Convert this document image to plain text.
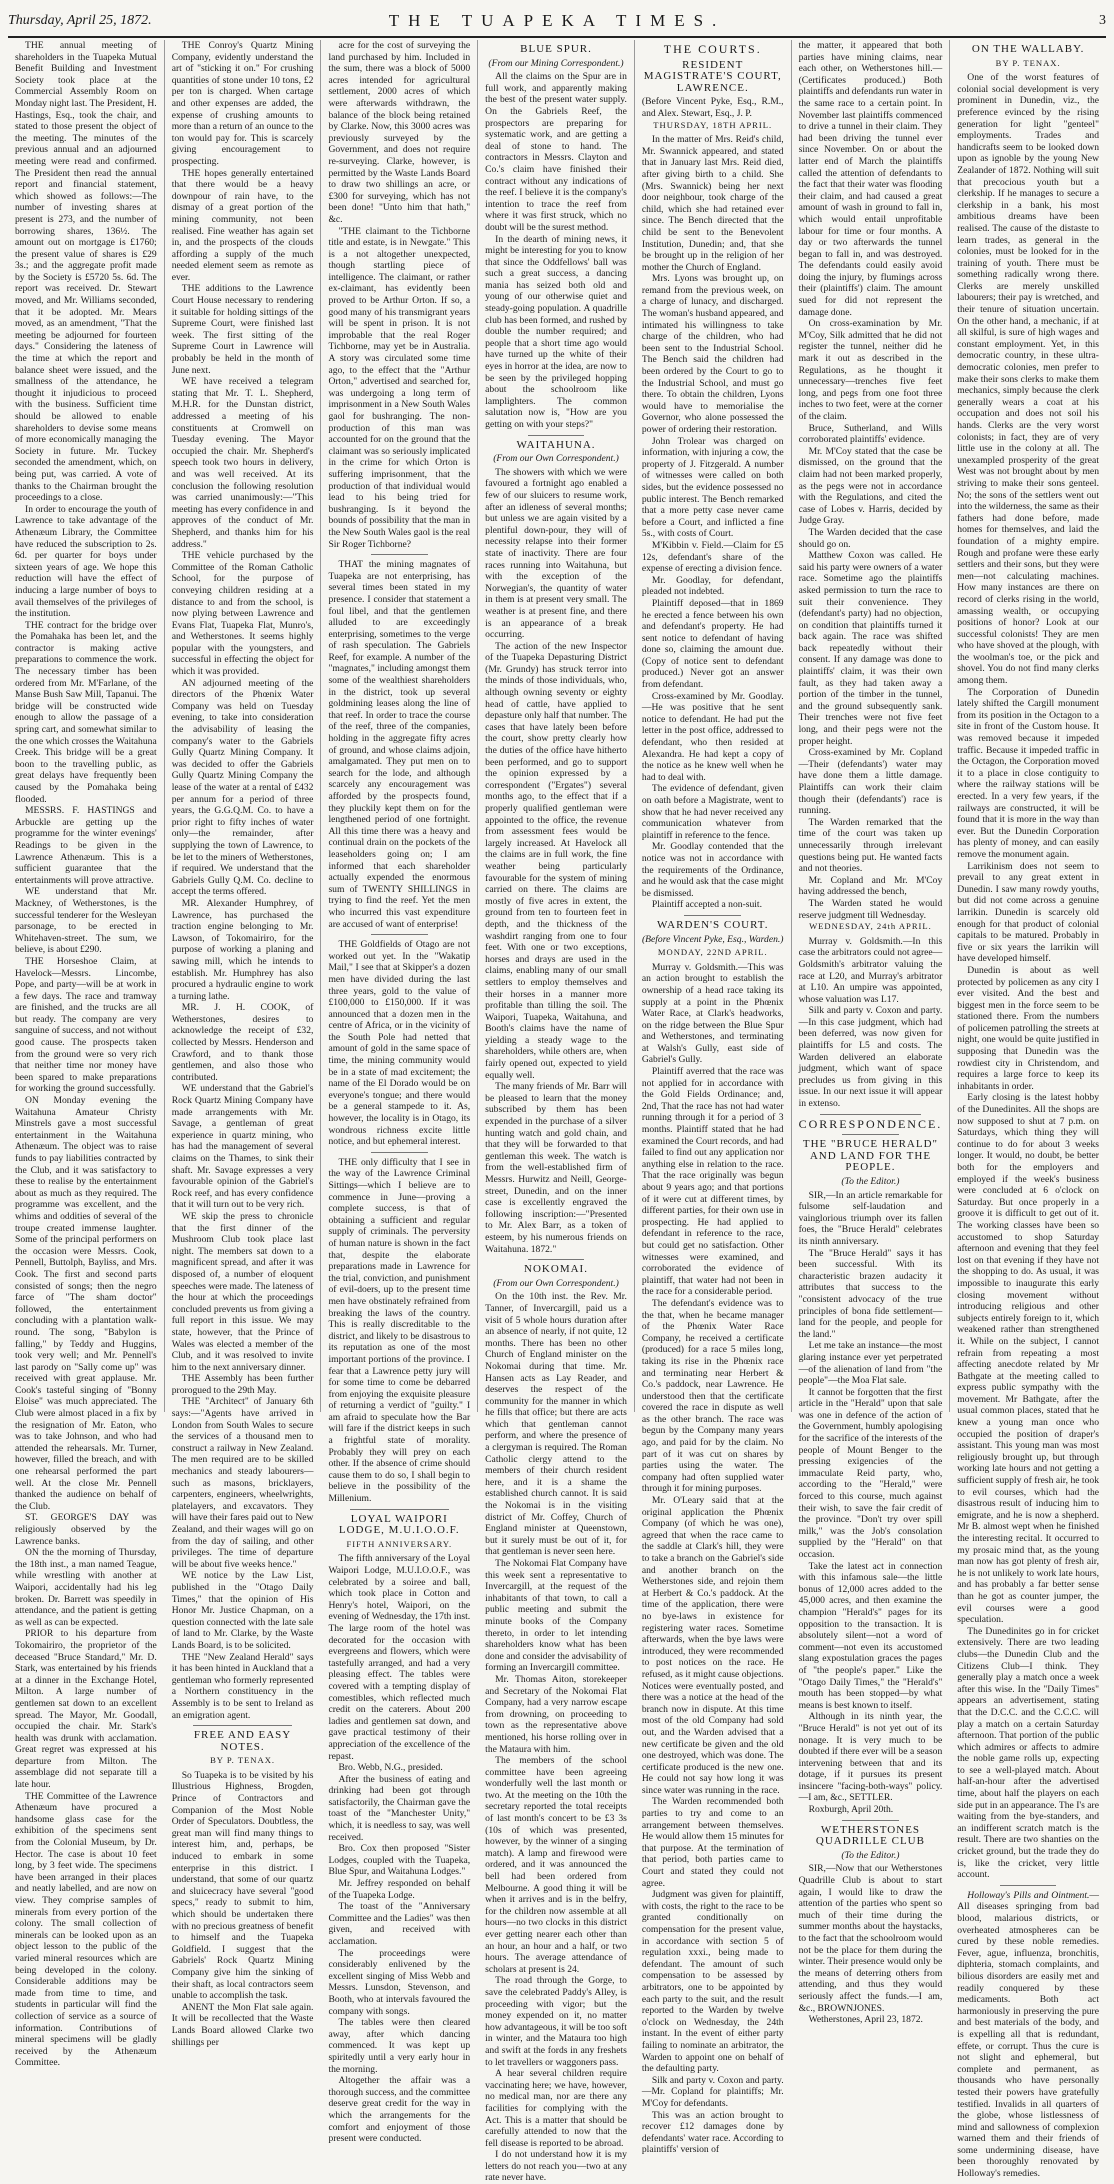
Thursday, April 25, 1872.	THE TUAPEKA TIMES.	3

THE annual meeting of shareholders in the Tuapeka Mutual Benefit Building and Investment Society took place at the Commercial Assembly Room on Monday night last. The President, H. Hastings, Esq., took the chair, and stated to those present the object of the meeting. The minutes of the previous annual and an adjourned meeting were read and confirmed. The President then read the annual report and financial statement, which showed as follows:—The number of investing shares at present is 273, and the number of borrowing shares, 136½. The amount out on mortgage is £1760; the present value of shares is £29 3s.; and the aggregate profit made by the Society is £5720 5s. 6d. The report was received. Dr. Stewart moved, and Mr. Williams seconded, that it be adopted. Mr. Mears moved, as an amendment, "That the meeting be adjourned for fourteen days." Considering the lateness of the time at which the report and balance sheet were issued, and the smallness of the attendance, he thought it injudicious to proceed with the business. Sufficient time should be allowed to enable shareholders to devise some means of more economically managing the Society in future. Mr. Tuckey seconded the amendment, which, on being put, was carried. A vote of thanks to the Chairman brought the proceedings to a close.

In order to encourage the youth of Lawrence to take advantage of the Athenæum Library, the Committee have reduced the subscription to 2s. 6d. per quarter for boys under sixteen years of age. We hope this reduction will have the effect of inducing a large number of boys to avail themselves of the privileges of the institution.

THE contract for the bridge over the Pomahaka has been let, and the contractor is making active preparations to commence the work. The necessary timber has been ordered from Mr. M'Farlane, of the Manse Bush Saw Mill, Tapanui. The bridge will be constructed wide enough to allow the passage of a spring cart, and somewhat similar to the one which crosses the Waitahuna Creek. This bridge will be a great boon to the travelling public, as great delays have frequently been caused by the Pomahaka being flooded.

MESSRS. F. HASTINGS and Arbuckle are getting up the programme for the winter evenings' Readings to be given in the Lawrence Athenæum. This is a sufficient guarantee that the entertainments will prove attractive.

WE understand that Mr. Mackney, of Wetherstones, is the successful tenderer for the Wesleyan parsonage, to be erected in Whitehaven-street. The sum, we believe, is about £290.

THE Horseshoe Claim, at Havelock—Messrs. Lincombe, Pope, and party—will be at work in a few days. The race and tramway are finished, and the trucks are all but ready. The company are very sanguine of success, and not without good cause. The prospects taken from the ground were so very rich that neither time nor money have been spared to make preparations for working the ground successfully.

ON Monday evening the Waitahuna Amateur Christy Minstrels gave a most successful entertainment in the Waitahuna Athenæum. The object was to raise funds to pay liabilities contracted by the Club, and it was satisfactory to these to realise by the entertainment about as much as they required. The programme was excellent, and the whims and oddities of several of the troupe created immense laughter. Some of the principal performers on the occasion were Messrs. Cook, Pennell, Buttolph, Bayliss, and Mrs. Cook. The first and second parts consisted of songs; then the negro farce of "The sham doctor" followed, the entertainment concluding with a plantation walk-round. The song, "Babylon is falling," by Teddy and Huggins, took very well; and Mr. Pennell's last parody on "Sally come up" was received with great applause. Mr. Cook's tasteful singing of "Bonny Eloise" was much appreciated. The Club were almost placed in a fix by the resignation of Mr. Eaton, who was to take Johnson, and who had attended the rehearsals. Mr. Turner, however, filled the breach, and with one rehearsal performed the part well. At the close Mr. Pennell thanked the audience on behalf of the Club.

ST. GEORGE'S DAY was religiously observed by the Lawrence banks.

ON the the morning of Thursday, the 18th inst., a man named Teague, while wrestling with another at Waipori, accidentally had his leg broken. Dr. Barrett was speedily in attendance, and the patient is getting as well as can be expected.

PRIOR to his departure from Tokomairiro, the proprietor of the deceased "Bruce Standard," Mr. D. Stark, was entertained by his friends at a dinner in the Exchange Hotel, Milton. A large number of gentlemen sat down to an excellent spread. The Mayor, Mr. Goodall, occupied the chair. Mr. Stark's health was drunk with acclamation. Great regret was expressed at his departure from Milton. The assemblage did not separate till a late hour.

THE Committee of the Lawrence Athenæum have procured a handsome glass case for the exhibition of the specimens sent from the Colonial Museum, by Dr. Hector. The case is about 10 feet long, by 3 feet wide. The specimens have been arranged in their places and neatly labelled, and are now on view. They comprise samples of minerals from every portion of the colony. The small collection of minerals can be looked upon as an object lesson to the public of the varied mineral resources which are being developed in the colony. Considerable additions may be made from time to time, and students in particular will find the collection of service as a source of information. Contributions of mineral specimens will be gladly received by the Athenæum Committee.

THE Conroy's Quartz Mining Company, evidently understand the art of "sticking it on." For crushing quantities of stone under 10 tons, £2 per ton is charged. When cartage and other expenses are added, the expense of crushing amounts to more than a return of an ounce to the ton would pay for. This is scarcely giving encouragement to prospecting.

THE hopes generally entertained that there would be a heavy downpour of rain have, to the dismay of a great portion of the mining community, not been realised. Fine weather has again set in, and the prospects of the clouds affording a supply of the much needed element seem as remote as ever.

THE additions to the Lawrence Court House necessary to rendering it suitable for holding sittings of the Supreme Court, were finished last week. The first sitting of the Supreme Court in Lawrence will probably be held in the month of June next.

WE have received a telegram stating that Mr. T. L. Shepherd, M.H.R. for the Dunstan district, addressed a meeting of his constituents at Cromwell on Tuesday evening. The Mayor occupied the chair. Mr. Shepherd's speech took two hours in delivery, and was well received. At its conclusion the following resolution was carried unanimously:—"This meeting has every confidence in and approves of the conduct of Mr. Shepherd, and thanks him for his address."

THE vehicle purchased by the Committee of the Roman Catholic School, for the purpose of conveying children residing at a distance to and from the school, is now plying between Lawrence and Evans Flat, Tuapeka Flat, Munro's, and Wetherstones. It seems highly popular with the youngsters, and successful in effecting the object for which it was provided.

AN adjourned meeting of the directors of the Phœnix Water Company was held on Tuesday evening, to take into consideration the advisability of leasing the company's water to the Gabriels Gully Quartz Mining Company. It was decided to offer the Gabriels Gully Quartz Mining Company the lease of the water at a rental of £432 per annum for a period of three years, the G.G.Q.M. Co. to have a prior right to fifty inches of water only—the remainder, after supplying the town of Lawrence, to be let to the miners of Wetherstones, if required. We understand that the Gabriels Gully Q.M. Co. decline to accept the terms offered.

MR. Alexander Humphrey, of Lawrence, has purchased the traction engine belonging to Mr. Lawson, of Tokomairiro, for the purpose of working a planing and sawing mill, which he intends to establish. Mr. Humphrey has also procured a hydraulic engine to work a turning lathe.

MR. J. H. COOK, of Wetherstones, desires to acknowledge the receipt of £32, collected by Messrs. Henderson and Crawford, and to thank those gentlemen, and also those who contributed.

WE understand that the Gabriel's Rock Quartz Mining Company have made arrangements with Mr. Savage, a gentleman of great experience in quartz mining, who has had the management of several claims on the Thames, to sink their shaft. Mr. Savage expresses a very favourable opinion of the Gabriel's Rock reef, and has every confidence that it will turn out to be very rich.

WE skip the press to chronicle that the first dinner of the Mushroom Club took place last night. The members sat down to a magnificent spread, and after it was disposed of, a number of eloquent speeches were made. The lateness of the hour at which the proceedings concluded prevents us from giving a full report in this issue. We may state, however, that the Prince of Wales was elected a member of the Club, and it was resolved to invite him to the next anniversary dinner.

THE Assembly has been further prorogued to the 29th May.

THE "Architect" of January 6th says:—"Agents have arrived in London from South Wales to secure the services of a thousand men to construct a railway in New Zealand. The men required are to be skilled mechanics and steady labourers—such as masons, bricklayers, carpenters, engineers, wheelwrights, platelayers, and excavators. They will have their fares paid out to New Zealand, and their wages will go on from the day of sailing, and other privileges. The time of departure will be about five weeks hence."

WE notice by the Law List, published in the "Otago Daily Times," that the opinion of His Honor Mr. Justice Chapman, on a question connected with the late sale of land to Mr. Clarke, by the Waste Lands Board, is to be solicited.

THE "New Zealand Herald" says it has been hinted in Auckland that a gentleman who formerly represented a Northern constituency in the Assembly is to be sent to Ireland as an emigration agent.

FREE AND EASY NOTES.
BY P. TENAX.

So Tuapeka is to be visited by his Illustrious Highness, Brogden, Prince of Contractors and Companion of the Most Noble Order of Speculators. Doubtless, the great man will find many things to interest him, and, perhaps, be induced to embark in some enterprise in this district. I understand, that some of our quartz and sluicecracy have several "good specs," ready to submit to him, which should be undertaken there with no precious greatness of benefit to himself and the Tuapeka Goldfield. I suggest that the Gabriels' Rock Quartz Mining Company give him the sinking of their shaft, as local contractors seem unable to accomplish the task.

ANENT the Mon Flat sale again. It will be recollected that the Waste Lands Board allowed Clarke two shillings per

acre for the cost of surveying the land purchased by him. Included in the sum, there was a block of 5000 acres intended for agricultural settlement, 2000 acres of which were afterwards withdrawn, the balance of the block being retained by Clarke. Now, this 3000 acres was previously surveyed by the Government, and does not require re-surveying. Clarke, however, is permitted by the Waste Lands Board to draw two shillings an acre, or £300 for surveying, which has not been done! "Unto him that hath," &c.

"THE claimant to the Tichborne title and estate, is in Newgate." This is a not altogether unexpected, though startling piece of intelligence. The claimant, or rather ex-claimant, has evidently been proved to be Arthur Orton. If so, a good many of his transmigrant years will be spent in prison. It is not improbable that the real Roger Tichborne, may yet be in Australia. A story was circulated some time ago, to the effect that the "Arthur Orton," advertised and searched for, was undergoing a long term of imprisonment in a New South Wales gaol for bushranging. The non-production of this man was accounted for on the ground that the claimant was so seriously implicated in the crime for which Orton is suffering imprisonment, that the production of that individual would lead to his being tried for bushranging. Is it beyond the bounds of possibility that the man in the New South Wales gaol is the real Sir Roger Tichborne?

THAT the mining magnates of Tuapeka are not enterprising, has several times been stated in my presence. I consider that statement a foul libel, and that the gentlemen alluded to are exceedingly enterprising, sometimes to the verge of rash speculation. The Gabriels Reef, for example. A number of the "magnates," including amongst them some of the wealthiest shareholders in the district, took up several goldmining leases along the line of that reef. In order to trace the course of the reef, three of the companies, holding in the aggregate fifty acres of ground, and whose claims adjoin, amalgamated. They put men on to search for the lode, and although scarcely any encouragement was afforded by the prospects found, they pluckily kept them on for the lengthened period of one fortnight. All this time there was a heavy and continual drain on the pockets of the leaseholders going on; I am informed that each shareholder actually expended the enormous sum of TWENTY SHILLINGS in trying to find the reef. Yet the men who incurred this vast expenditure are accused of want of enterprise!

THE Goldfields of Otago are not worked out yet. In the "Wakatip Mail," I see that at Skipper's a dozen men have divided during the last three years, gold to the value of £100,000 to £150,000. If it was announced that a dozen men in the centre of Africa, or in the vicinity of the South Pole had netted that amount of gold in the same space of time, the mining community would be in a state of mad excitement; the name of the El Dorado would be on everyone's tongue; and there would be a general stampede to it. As, however, the locality is in Otago, its wondrous richness excite little notice, and but ephemeral interest.

THE only difficulty that I see in the way of the Lawrence Criminal Sittings—which I believe are to commence in June—proving a complete success, is that of obtaining a sufficient and regular supply of criminals. The perversity of human nature is shown in the fact that, despite the elaborate preparations made in Lawrence for the trial, conviction, and punishment of evil-doers, up to the present time men have obstinately refrained from breaking the laws of the country. This is really discreditable to the district, and likely to be disastrous to its reputation as one of the most important portions of the province. I fear that a Lawrence petty jury will for some time to come be debarred from enjoying the exquisite pleasure of returning a verdict of "guilty." I am afraid to speculate how the Bar will fare if the district keeps in such a frightful state of morality. Probably they will prey on each other. If the absence of crime should cause them to do so, I shall begin to believe in the possibility of the Millenium.

LOYAL WAIPORI LODGE, M.U.I.O.O.F.
FIFTH ANNIVERSARY.

The fifth anniversary of the Loyal Waipori Lodge, M.U.I.O.O.F., was celebrated by a soiree and ball, which took place in Cotton and Henry's hotel, Waipori, on the evening of Wednesday, the 17th inst. The large room of the hotel was decorated for the occasion with evergreens and flowers, which were tastefully arranged, and had a very pleasing effect. The tables were covered with a tempting display of comestibles, which reflected much credit on the caterers. About 200 ladies and gentlemen sat down, and gave practical testimony of their appreciation of the excellence of the repast.

Bro. Webb, N.G., presided.

After the business of eating and drinking had been got through satisfactorily, the Chairman gave the toast of the "Manchester Unity," which, it is needless to say, was well received.

Bro. Cox then proposed "Sister Lodges, coupled with the Tuapeka, Blue Spur, and Waitahuna Lodges."

Mr. Jeffrey responded on behalf of the Tuapeka Lodge.

The toast of the "Anniversary Committee and the Ladies" was then given, and received with acclamation.

The proceedings were considerably enlivened by the excellent singing of Miss Webb and Messrs. Lunsdon, Stevenson, and Booth, who at intervals favoured the company with songs.

The tables were then cleared away, after which dancing commenced. It was kept up spiritedly until a very early hour in the morning.

Altogether the affair was a thorough success, and the committee deserve great credit for the way in which the arrangements for the comfort and enjoyment of those present were conducted.

BLUE SPUR.
(From our Mining Correspondent.)

All the claims on the Spur are in full work, and apparently making the best of the present water supply. On the Gabriels Reef, the prospectors are preparing for systematic work, and are getting a deal of stone to hand. The contractors in Messrs. Clayton and Co.'s claim have finished their contract without any indications of the reef. I believe it is the company's intention to trace the reef from where it was first struck, which no doubt will be the surest method.

In the dearth of mining news, it might be interesting for you to know that since the Oddfellows' ball was such a great success, a dancing mania has seized both old and young of our otherwise quiet and steady-going population. A quadrille club has been formed, and rushed by double the number required; and people that a short time ago would have turned up the white of their eyes in horror at the idea, are now to be seen by the privileged hopping about the schoolroom like lamplighters. The common salutation now is, "How are you getting on with your steps?"

WAITAHUNA.
(From our Own Correspondent.)

The showers with which we were favoured a fortnight ago enabled a few of our sluicers to resume work, after an idleness of several months; but unless we are again visited by a plentiful down-pour, they will of necessity relapse into their former state of inactivity. There are four races running into Waitahuna, but with the exception of the Norwegian's, the quantity of water in them is at present very small. The weather is at present fine, and there is an appearance of a break occurring.

The action of the new Inspector of the Tuapeka Depasturing District (Mr. Grundy) has struck terror into the minds of those individuals, who, although owning seventy or eighty head of cattle, have applied to depasture only half that number. The cases that have lately been before the court, show pretty clearly how the duties of the office have hitherto been performed, and go to support the opinion expressed by a correspondent ("Ergates") several months ago, to the effect that if a properly qualified gentleman were appointed to the office, the revenue from assessment fees would be largely increased. At Havelock all the claims are in full work, the fine weather being particularly favourable for the system of mining carried on there. The claims are mostly of five acres in extent, the ground from ten to fourteen feet in depth, and the thickness of the washdirt ranging from one to four feet. With one or two exceptions, horses and drays are used in the claims, enabling many of our small settlers to employ themselves and their horses in a manner more profitable than tilling the soil. The Waipori, Tuapeka, Waitahuna, and Booth's claims have the name of yielding a steady wage to the shareholders, while others are, when fairly opened out, expected to yield equally well.

The many friends of Mr. Barr will be pleased to learn that the money subscribed by them has been expended in the purchase of a silver hunting watch and gold chain, and that they will be forwarded to that gentleman this week. The watch is from the well-established firm of Messrs. Hurwitz and Neill, George-street, Dunedin, and on the inner case is excellently engraved the following inscription:—"Presented to Mr. Alex Barr, as a token of esteem, by his numerous friends on Waitahuna. 1872."

NOKOMAI.
(From our Own Correspondent.)

On the 10th inst. the Rev. Mr. Tanner, of Invercargill, paid us a visit of 5 whole hours duration after an absence of nearly, if not quite, 12 months. There has been no other Church of England minister on the Nokomai during that time. Mr. Hansen acts as Lay Reader, and deserves the respect of the community for the manner in which he fills that office; but there are acts which that gentleman cannot perform, and where the presence of a clergyman is required. The Roman Catholic clergy attend to the members of their church resident here, and it is a shame the established church cannot. It is said the Nokomai is in the visiting district of Mr. Coffey, Church of England minister at Queenstown, but it surely must be out of it, for that gentleman is never seen here.

The Nokomai Flat Company have this week sent a representative to Invercargill, at the request of the inhabitants of that town, to call a public meeting and submit the minute books of the Company thereto, in order to let intending shareholders know what has been done and consider the advisability of forming an Invercargill committee.

Mr. Thomas Aiton, storekeeper and Secretary of the Nokomai Flat Company, had a very narrow escape from drowning, on proceeding to town as the representative above mentioned, his horse rolling over in the Mataura with him.

The members of the school committee have been agreeing wonderfully well the last month or two. At the meeting on the 10th the secretary reported the total receipts of last month's concert to be £3 3s (10s of which was presented, however, by the winner of a singing match). A lamp and firewood were ordered, and it was announced the bell had been ordered from Melbourne. A good thing it will be when it arrives and is in the belfry, for the children now assemble at all hours—no two clocks in this district ever getting nearer each other than an hour, an hour and a half, or two hours. The average attendance of scholars at present is 24.

The road through the Gorge, to save the celebrated Paddy's Alley, is proceeding with vigor; but the money expended on it, no matter how advantageous, it will be too soft in winter, and the Mataura too high and swift at the fords in any freshets to let travellers or waggoners pass.

A hear several children require vaccinating here; we have, however, no medical man, nor are there any facilities for complying with the Act. This is a matter that should be carefully attended to now that the fell disease is reported to be abroad.

I do not understand how it is my letters do not reach you—two at any rate never have.

THE COURTS.
RESIDENT MAGISTRATE'S COURT, LAWRENCE.

(Before Vincent Pyke, Esq., R.M., and Alex. Stewart, Esq., J. P.

THURSDAY, 18TH APRIL.

In the matter of Mrs. Reid's child, Mr. Swannick appeared, and stated that in January last Mrs. Reid died, after giving birth to a child. She (Mrs. Swannick) being her next door neighbour, took charge of the child, which she had retained ever since. The Bench directed that the child be sent to the Benevolent Institution, Dunedin; and, that she be brought up in the religion of her mother the Church of England.

Mrs. Lyons was brought up, on remand from the previous week, on a charge of lunacy, and discharged. The woman's husband appeared, and intimated his willingness to take charge of the children, who had been sent to the Industrial School. The Bench said the children had been ordered by the Court to go to the Industrial School, and must go there. To obtain the children, Lyons would have to memorialise the Governor, who alone possessed the power of ordering their restoration.

John Trolear was charged on information, with injuring a cow, the property of J. Fitzgerald. A number of witnesses were called on both sides, but the evidence possessed no public interest. The Bench remarked that a more petty case never came before a Court, and inflicted a fine 5s., with costs of Court.

M'Kibbin v. Field.—Claim for £5 12s, defendant's share of the expense of erecting a division fence.

Mr. Goodlay, for defendant, pleaded not indebted.

Plaintiff deposed—that in 1869 he erected a fence between his own and defendant's property. He had sent notice to defendant of having done so, claiming the amount due. (Copy of notice sent to defendant produced.) Never got an answer from defendant.

Cross-examined by Mr. Goodlay.—He was positive that he sent notice to defendant. He had put the letter in the post office, addressed to defendant, who then resided at Alexandra. He had kept a copy of the notice as he knew well when he had to deal with.

The evidence of defendant, given on oath before a Magistrate, went to show that he had never received any communication whatever from plaintiff in reference to the fence.

Mr. Goodlay contended that the notice was not in accordance with the requirements of the Ordinance, and he would ask that the case might be dismissed.

Plaintiff accepted a non-suit.

WARDEN'S COURT.
(Before Vincent Pyke, Esq., Warden.)
MONDAY, 22ND APRIL.

Murray v. Goldsmith.—This was an action brought to establish the ownership of a head race taking its supply at a point in the Phœnix Water Race, at Clark's headworks, on the ridge between the Blue Spur and Wetherstones, and terminating at Walsh's Gully, east side of Gabriel's Gully.

Plaintiff averred that the race was not applied for in accordance with the Gold Fields Ordinance; and, 2nd, That the race has not had water running through it for a period of 3 months. Plaintiff stated that he had examined the Court records, and had failed to find out any application nor anything else in relation to the race. That the race originally was begun about 9 years ago; and that portions of it were cut at different times, by different parties, for their own use in prospecting. He had applied to defendant in reference to the race, but could get no satisfaction. Other witnesses were examined, and corroborated the evidence of plaintiff, that water had not been in the race for a considerable period.

The defendant's evidence was to the that, when he became manager of the Phœnix Water Race Company, he received a certificate (produced) for a race 5 miles long, taking its rise in the Phœnix race and terminating near Herbert & Co.'s paddock, near Lawrence. He understood then that the certificate covered the race in dispute as well as the other branch. The race was begun by the Company many years ago, and paid for by the claim. No part of it was cut on shares by parties using the water. The company had often supplied water through it for mining purposes.

Mr. O'Leary said that at the original application the Phœnix Company (of which he was one), agreed that when the race came to the saddle at Clark's hill, they were to take a branch on the Gabriel's side and another branch on the Wetherstones side, and rejoin them at Herbert & Co.'s paddock. At the time of the application, there were no bye-laws in existence for registering water races. Sometime afterwards, when the bye laws were introduced, they were recommended to post notices on the race. He refused, as it might cause objections. Notices were eventually posted, and there was a notice at the head of the branch now in dispute. At this time most of the old Company had sold out, and the Warden advised that a new certificate be given and the old one destroyed, which was done. The certificate produced is the new one. He could not say how long it was since water was running in the race.

The Warden recommended both parties to try and come to an arrangement between themselves. He would allow them 15 minutes for that purpose. At the termination of that period, both parties came to Court and stated they could not agree.

Judgment was given for plaintiff, with costs, the right to the race to be granted conditionally on compensation for the present value, in accordance with section 5 of regulation xxxi., being made to defendant. The amount of such compensation to be assessed by arbitrators, one to be appointed by each party to the suit, and the result reported to the Warden by twelve o'clock on Wednesday, the 24th instant. In the event of either party failing to nominate an arbitrator, the Warden to appoint one on behalf of the defaulting party.

Silk and party v. Coxon and party.—Mr. Copland for plaintiffs; Mr. M'Coy for defendants.

This was an action brought to recover £12 damages done by defendants' water race. According to plaintiffs' version of

the matter, it appeared that both parties have mining claims, near each other, on Wetherstones hill.—(Certificates produced.) Both plaintiffs and defendants run water in the same race to a certain point. In November last plaintiffs commenced to drive a tunnel in their claim. They had been driving the tunnel ever since November. On or about the latter end of March the plaintiffs called the attention of defendants to the fact that their water was flooding their claim, and had caused a great amount of wash in ground to fall in, which would entail unprofitable labour for time or four months. A day or two afterwards the tunnel began to fall in, and was destroyed. The defendants could easily avoid doing the injury, by flumings across their (plaintiffs') claim. The amount sued for did not represent the damage done.

On cross-examination by Mr. M'Coy, Silk admitted that he did not register the tunnel, neither did he mark it out as described in the Regulations, as he thought it unnecessary—trenches five feet long, and pegs from one foot three inches to two feet, were at the corner of the claim.

Bruce, Sutherland, and Wills corroborated plaintiffs' evidence.

Mr. M'Coy stated that the case be dismissed, on the ground that the claim had not been marked properly, as the pegs were not in accordance with the Regulations, and cited the case of Lobes v. Harris, decided by Judge Gray.

The Warden decided that the case should go on.

Matthew Coxon was called. He said his party were owners of a water race. Sometime ago the plaintiffs asked permission to turn the race to suit their convenience. They (defendant's party) had no objection, on condition that plaintiffs turned it back again. The race was shifted back repeatedly without their consent. If any damage was done to plaintiffs' claim, it was their own fault, as they had taken away a portion of the timber in the tunnel, and the ground subsequently sank. Their trenches were not five feet long, and their pegs were not the proper height.

Cross-examined by Mr. Copland—Their (defendants') water may have done them a little damage. Plaintiffs can work their claim though their (defendants') race is running.

The Warden remarked that the time of the court was taken up unnecessarily through irrelevant questions being put. He wanted facts and not theories.

Mr. Copland and Mr. M'Coy having addressed the bench,

The Warden stated he would reserve judgment till Wednesday.

WEDNESDAY, 24th APRIL.

Murray v. Goldsmith.—In this case the arbitrators could not agree—Goldsmith's arbitrator valuing the race at L20, and Murray's arbitrator at L10. An umpire was appointed, whose valuation was L17.

Silk and party v. Coxon and party.—In this case judgment, which had been deferred, was now given for plaintiffs for L5 and costs. The Warden delivered an elaborate judgment, which want of space precludes us from giving in this issue. In our next issue it will appear in extenso.

CORRESPONDENCE.
THE "BRUCE HERALD" AND LAND FOR THE PEOPLE.
(To the Editor.)

SIR,—In an article remarkable for fulsome self-laudation and vainglorious triumph over its fallen foes, the "Bruce Herald" celebrates its ninth anniversary.

The "Bruce Herald" says it has been successful. With its characteristic brazen audacity it attributes that success to the "consistent advocacy of the true principles of bona fide settlement—land for the people, and people for the land."

Let me take an instance—the most glaring instance ever yet perpetrated—of the alienation of land from "the people"—the Moa Flat sale.

It cannot be forgotten that the first article in the "Herald" upon that sale was one in defence of the action of the Government, humbly apologising for the sacrifice of the interests of the people of Mount Benger to the pressing exigencies of the immaculate Reid party, who, according to the "Herald," were forced to this course, much against their wish, to save the fair credit of the province. "Don't try over spill milk," was the Job's consolation supplied by the "Herald" on that occasion.

Take the latest act in connection with this infamous sale—the little bonus of 12,000 acres added to the 45,000 acres, and then examine the champion "Herald's" pages for its opposition to the transaction. It is absolutely silent—not a word of comment—not even its accustomed slang expostulation graces the pages of "the people's paper." Like the "Otago Daily Times," the "Herald's" mouth has been stopped—by what means is best known to itself.

Although in its ninth year, the "Bruce Herald" is not yet out of its nonage. It is very much to be doubted if there ever will be a season intervening between that and its dotage, if it pursues its present insincere "facing-both-ways" policy.—I am, &c., SETTLER.

Roxburgh, April 20th.

WETHERSTONES QUADRILLE CLUB
(To the Editor.)

SIR,—Now that our Wetherstones Quadrille Club is about to start again, I would like to draw the attention of the parties who spent so much of their time during the summer months about the haystacks, to the fact that the schoolroom would not be the place for them during the winter. Their presence would only be the means of deterring others from attending, and thus they would seriously affect the funds.—I am, &c., BROWNJONES.

Wetherstones, April 23, 1872.

ON THE WALLABY.
BY P. TENAX.

One of the worst features of colonial social development is very prominent in Dunedin, viz., the preference evinced by the rising generation for light "genteel" employments. Trades and handicrafts seem to be looked down upon as ignoble by the young New Zealander of 1872. Nothing will suit that precocious youth but a clerkship. If he manages to secure a clerkship in a bank, his most ambitious dreams have been realised. The cause of the distaste to learn trades, as general in the colonies, must be looked for in the training of youth. There must be something radically wrong there. Clerks are merely unskilled labourers; their pay is wretched, and their tenure of situation uncertain. On the other hand, a mechanic, if at all skilful, is sure of high wages and constant employment. Yet, in this democratic country, in these ultra-democratic colonies, men prefer to make their sons clerks to make them mechanics, simply because the clerk generally wears a coat at his occupation and does not soil his hands. Clerks are the very worst colonists; in fact, they are of very little use in the colony at all. The unexampled prosperity of the great West was not brought about by men striving to make their sons genteel. No; the sons of the settlers went out into the wilderness, the same as their fathers had done before, made homes for themselves, and laid the foundation of a mighty empire. Rough and profane were these early settlers and their sons, but they were men—not calculating machines. How many instances are there on record of clerks rising in the world, amassing wealth, or occupying positions of honor? Look at our successful colonists! They are men who have shoved at the plough, with the woolman's toe, or the pick and shovel. You do not find many clerks among them.

The Corporation of Dunedin lately shifted the Cargill monument from its position in the Octagon to a site in front of the Custom house. It was removed because it impeded traffic. Because it impeded traffic in the Octagon, the Corporation moved it to a place in close contiguity to where the railway stations will be erected. In a very few years, if the railways are constructed, it will be found that it is more in the way than ever. But the Dunedin Corporation has plenty of money, and can easily remove the monument again.

Larrikinism does not seem to prevail to any great extent in Dunedin. I saw many rowdy youths, but did not come across a genuine larrikin. Dunedin is scarcely old enough for that product of colonial capitals to be matured. Probably in five or six years the larrikin will have developed himself.

Dunedin is about as well protected by policemen as any city I ever visited. And the best and biggest men in the force seem to be stationed there. From the numbers of policemen patrolling the streets at night, one would be quite justified in supposing that Dunedin was the rowdiest city in Christendom, and requires a large force to keep its inhabitants in order.

Early closing is the latest hobby of the Dunedinites. All the shops are now supposed to shut at 7 p.m. on Saturdays, which thing they will continue to do for about 3 weeks longer. It would, no doubt, be better both for the employers and employed if the week's business were concluded at 6 o'clock on Saturday. But once properly in a groove it is difficult to get out of it. The working classes have been so accustomed to shop Saturday afternoon and evening that they feel lost on that evening if they have not the shopping to do. As usual, it was impossible to inaugurate this early closing movement without introducing religious and other subjects entirely foreign to it, which weakened rather than strengthened it. While on the subject, I cannot refrain from repeating a most affecting anecdote related by Mr Bathgate at the meeting called to express public sympathy with the movement. Mr Bathgate, after the usual common places, stated that he knew a young man once who occupied the position of draper's assistant. This young man was most religiously brought up, but through working late hours and not getting a sufficient supply of fresh air, he took to evil courses, which had the disastrous result of inducing him to emigrate, and he is now a shepherd. Mr B. almost wept when he finished the interesting recital. It occurred to my prosaic mind that, as the young man now has got plenty of fresh air, he is not unlikely to work late hours, and has probably a far better sense than he got as counter jumper, the evil courses were a good speculation.

The Dunedinites go in for cricket extensively. There are two leading clubs—the Dunedin Club and the Citizens Club—I think. They generally play a match once a week after this wise. In the "Daily Times" appears an advertisement, stating that the D.C.C. and the C.C.C. will play a match on a certain Saturday afternoon. That portion of the public which admires or affects to admire the noble game rolls up, expecting to see a well-played match. About half-an-hour after the advertised time, about half the players on each side put in an appearance. The I's are waiting from the bye-standers, and an indifferent scratch match is the result. There are two shanties on the cricket ground, but the trade they do is, like the cricket, very little account.

Holloway's Pills and Ointment.—All diseases springing from bad blood, malarious districts, or overheated atmospheres can be cured by these noble remedies. Fever, ague, influenza, bronchitis, diphteria, stomach complaints, and bilious disorders are easily met and readily conquered by these medicaments. Both act harmoniously in preserving the pure and best materials of the body, and is expelling all that is redundant, effete, or corrupt. Thus the cure is not slight and ephemeral, but complete and permanent, as thousands who have personally tested their powers have gratefully testified. Invalids in all quarters of the globe, whose listlessness of mind and sallowness of complexion warned them and their friends of some undermining disease, have been thoroughly renovated by Holloway's remedies.
